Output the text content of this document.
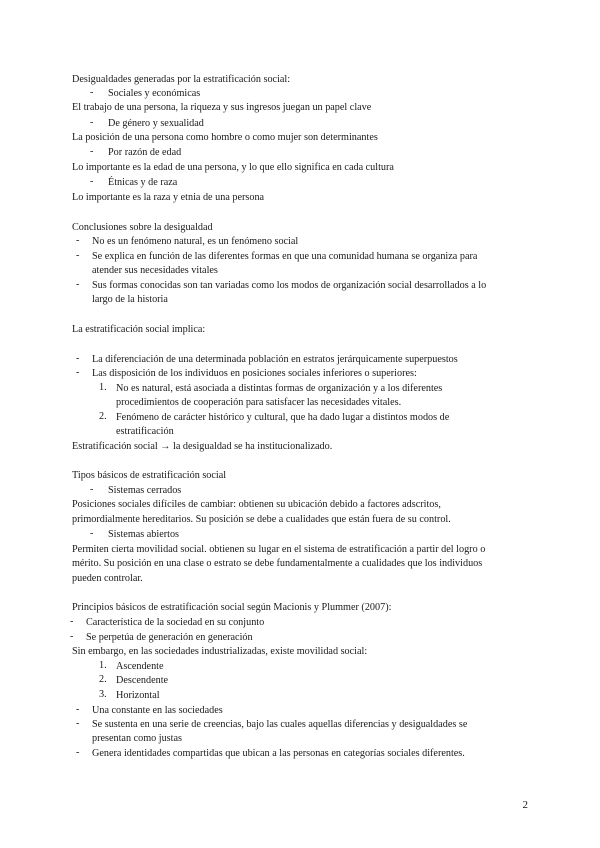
Desigualdades generadas por la estratificación social:
- Sociales y económicas
El trabajo de una persona, la riqueza y sus ingresos juegan un papel clave
- De género y sexualidad
La posición de una persona como hombre o como mujer son determinantes
- Por razón de edad
Lo importante es la edad de una persona, y lo que ello significa en cada cultura
- Étnicas y de raza
Lo importante es la raza y etnia de una persona
Conclusiones sobre la desigualdad
- No es un fenómeno natural, es un fenómeno social
- Se explica en función de las diferentes formas en que una comunidad humana se organiza para
atender sus necesidades vitales
- Sus formas conocidas son tan variadas como los modos de organización social desarrollados a lo
largo de la historia
La estratificación social implica:
- La diferenciación de una determinada población en estratos jerárquicamente superpuestos
- Las disposición de los individuos en posiciones sociales inferiores o superiores:
1. No es natural, está asociada a distintas formas de organización y a los diferentes
procedimientos de cooperación para satisfacer las necesidades vitales.
2. Fenómeno de carácter histórico y cultural, que ha dado lugar a distintos modos de
estratificación
Estratificación social → la desigualdad se ha institucionalizado.
Tipos básicos de estratificación social
- Sistemas cerrados
Posiciones sociales difíciles de cambiar: obtienen su ubicación debido a factores adscritos,
primordialmente hereditarios. Su posición se debe a cualidades que están fuera de su control.
- Sistemas abiertos
Permiten cierta movilidad social. obtienen su lugar en el sistema de estratificación a partir del logro o
mérito. Su posición en una clase o estrato se debe fundamentalmente a cualidades que los individuos
pueden controlar.
Principios básicos de estratificación social según Macionis y Plummer (2007):
- Característica de la sociedad en su conjunto
- Se perpetúa de generación en generación
Sin embargo, en las sociedades industrializadas, existe movilidad social:
1. Ascendente
2. Descendente
3. Horizontal
- Una constante en las sociedades
- Se sustenta en una serie de creencias, bajo las cuales aquellas diferencias y desigualdades se
presentan como justas
- Genera identidades compartidas que ubican a las personas en categorías sociales diferentes.
2
